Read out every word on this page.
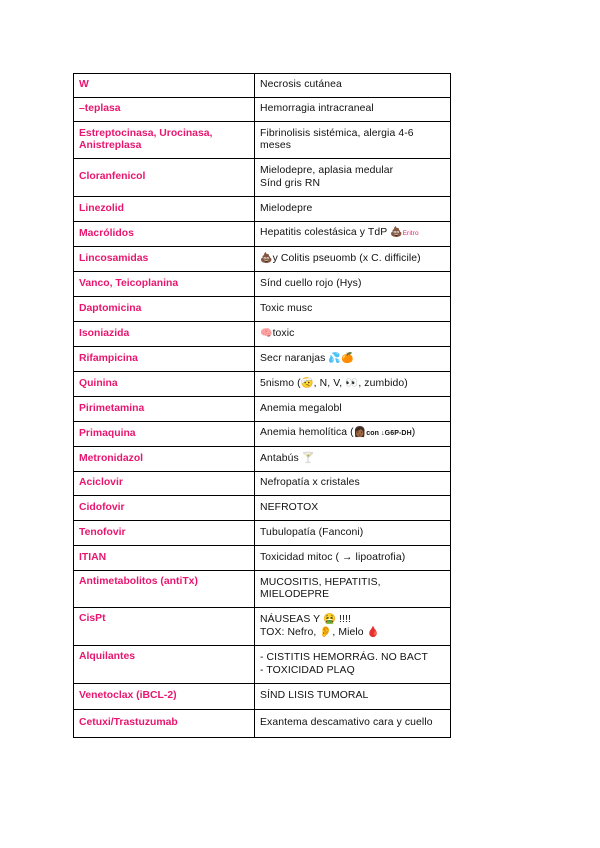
W	Necrosis cutánea
–teplasa	Hemorragia intracraneal
Estreptocinasa, Urocinasa, Anistreplasa	Fibrinolisis sistémica, alergia 4-6 meses
Cloranfenicol	Mielodepre, aplasia medular
Sínd gris RN

Linezolid	Mielodepre
Macrólidos	Hepatitis colestásica y TdP 💩Eritro
Lincosamidas	💩y Colitis pseuomb (x C. difficile)
Vanco, Teicoplanina	Sínd cuello rojo (Hys)
Daptomicina	Toxic musc
Isoniazida	🧠toxic
Rifampicina	Secr naranjas 💦🍊
Quinina	5nismo (🤕, N, V, 👀, zumbido)
Pirimetamina	Anemia megalobl
Primaquina	Anemia hemolítica (👩🏾con ↓G6P-DH)
Metronidazol	Antabús 🍸
Aciclovir	Nefropatía x cristales
Cidofovir	NEFROTOX
Tenofovir	Tubulopatía (Fanconi)
ITIAN	Toxicidad mitoc ( → lipoatrofia)
Antimetabolitos (antiTx)	MUCOSITIS, HEPATITIS,
MIELODEPRE

CisPt	NÁUSEAS Y 🤮 !!!!
TOX: Nefro, 👂, Mielo 🩸

Alquilantes	- CISTITIS HEMORRÁG. NO BACT
- TOXICIDAD PLAQ

Venetoclax (iBCL-2)	SÍND LISIS TUMORAL
Cetuxi/Trastuzumab	Exantema descamativo cara y cuello
